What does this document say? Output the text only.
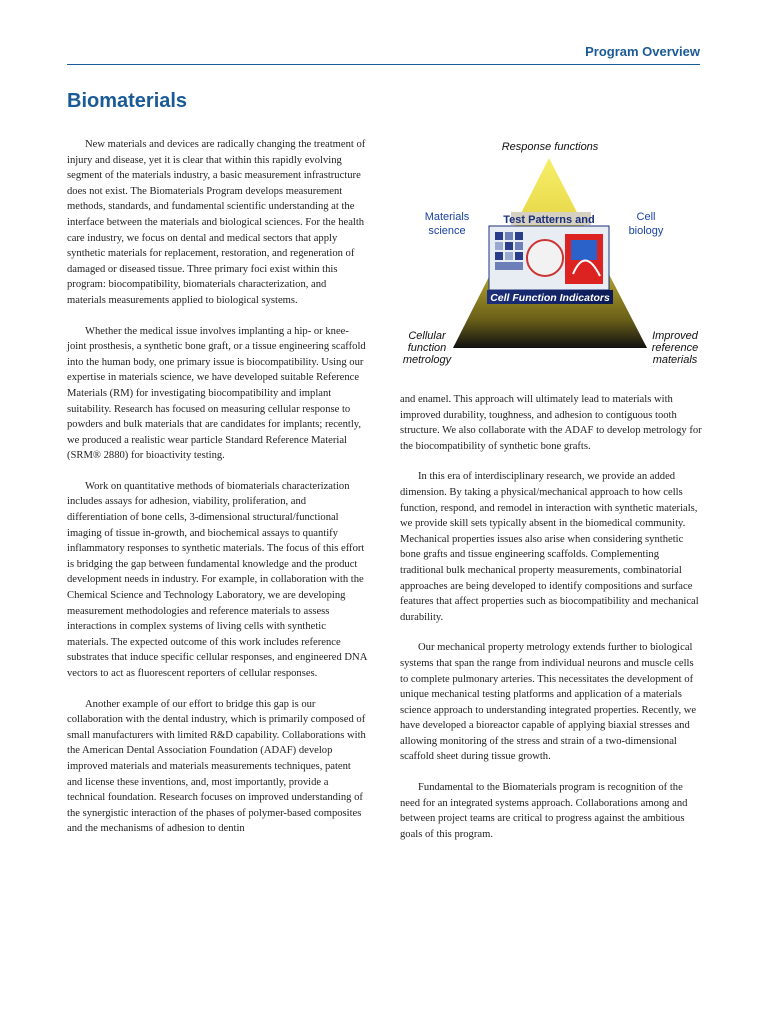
Program Overview
Biomaterials

New materials and devices are radically changing the treatment of injury and disease, yet it is clear that within this rapidly evolving segment of the materials industry, a basic measurement infrastructure does not exist. The Biomaterials Program develops measurement methods, standards, and fundamental scientific understanding at the interface between the materials and biological sciences. For the health care industry, we focus on dental and medical sectors that apply synthetic materials for replacement, restoration, and regeneration of damaged or diseased tissue. Three primary foci exist within this program: biocompatibility, biomaterials characterization, and materials measurements applied to biological systems.

Whether the medical issue involves implanting a hip- or knee-joint prosthesis, a synthetic bone graft, or a tissue engineering scaffold into the human body, one primary issue is biocompatibility. Using our expertise in materials science, we have developed suitable Reference Materials (RM) for investigating biocompatibility and implant suitability. Research has focused on measuring cellular response to powders and bulk materials that are candidates for implants; recently, we produced a realistic wear particle Standard Reference Material (SRM® 2880) for bioactivity testing.

Work on quantitative methods of biomaterials characterization includes assays for adhesion, viability, proliferation, and differentiation of bone cells, 3-dimensional structural/functional imaging of tissue in-growth, and biochemical assays to quantify inflammatory responses to synthetic materials. The focus of this effort is bridging the gap between fundamental knowledge and the product development needs in industry. For example, in collaboration with the Chemical Science and Technology Laboratory, we are developing measurement methodologies and reference materials to assess interactions in complex systems of living cells with synthetic materials. The expected outcome of this work includes reference substrates that induce specific cellular responses, and engineered DNA vectors to act as fluorescent reporters of cellular responses.

Another example of our effort to bridge this gap is our collaboration with the dental industry, which is primarily composed of small manufacturers with limited R&D capability. Collaborations with the American Dental Association Foundation (ADAF) develop improved materials and materials measurements techniques, patent and license these inventions, and, most importantly, provide a technical foundation. Research focuses on improved understanding of the synergistic interaction of the phases of polymer-based composites and the mechanisms of adhesion to dentin

Test Patterns and
Cell Function Indicators
Response functions
Materials
science
Cell
biology
Cellular
function
metrology
Improved
reference
materials

and enamel. This approach will ultimately lead to materials with improved durability, toughness, and adhesion to contiguous tooth structure. We also collaborate with the ADAF to develop metrology for the biocompatibility of synthetic bone grafts.

In this era of interdisciplinary research, we provide an added dimension. By taking a physical/mechanical approach to how cells function, respond, and remodel in interaction with synthetic materials, we provide skill sets typically absent in the biomedical community. Mechanical properties issues also arise when considering synthetic bone grafts and tissue engineering scaffolds. Complementing traditional bulk mechanical property measurements, combinatorial approaches are being developed to identify compositions and surface features that affect properties such as biocompatibility and mechanical durability.

Our mechanical property metrology extends further to biological systems that span the range from individual neurons and muscle cells to complete pulmonary arteries. This necessitates the development of unique mechanical testing platforms and application of a materials science approach to understanding integrated properties. Recently, we have developed a bioreactor capable of applying biaxial stresses and allowing monitoring of the stress and strain of a two-dimensional scaffold sheet during tissue growth.

Fundamental to the Biomaterials program is recognition of the need for an integrated systems approach. Collaborations among and between project teams are critical to progress against the ambitious goals of this program.
